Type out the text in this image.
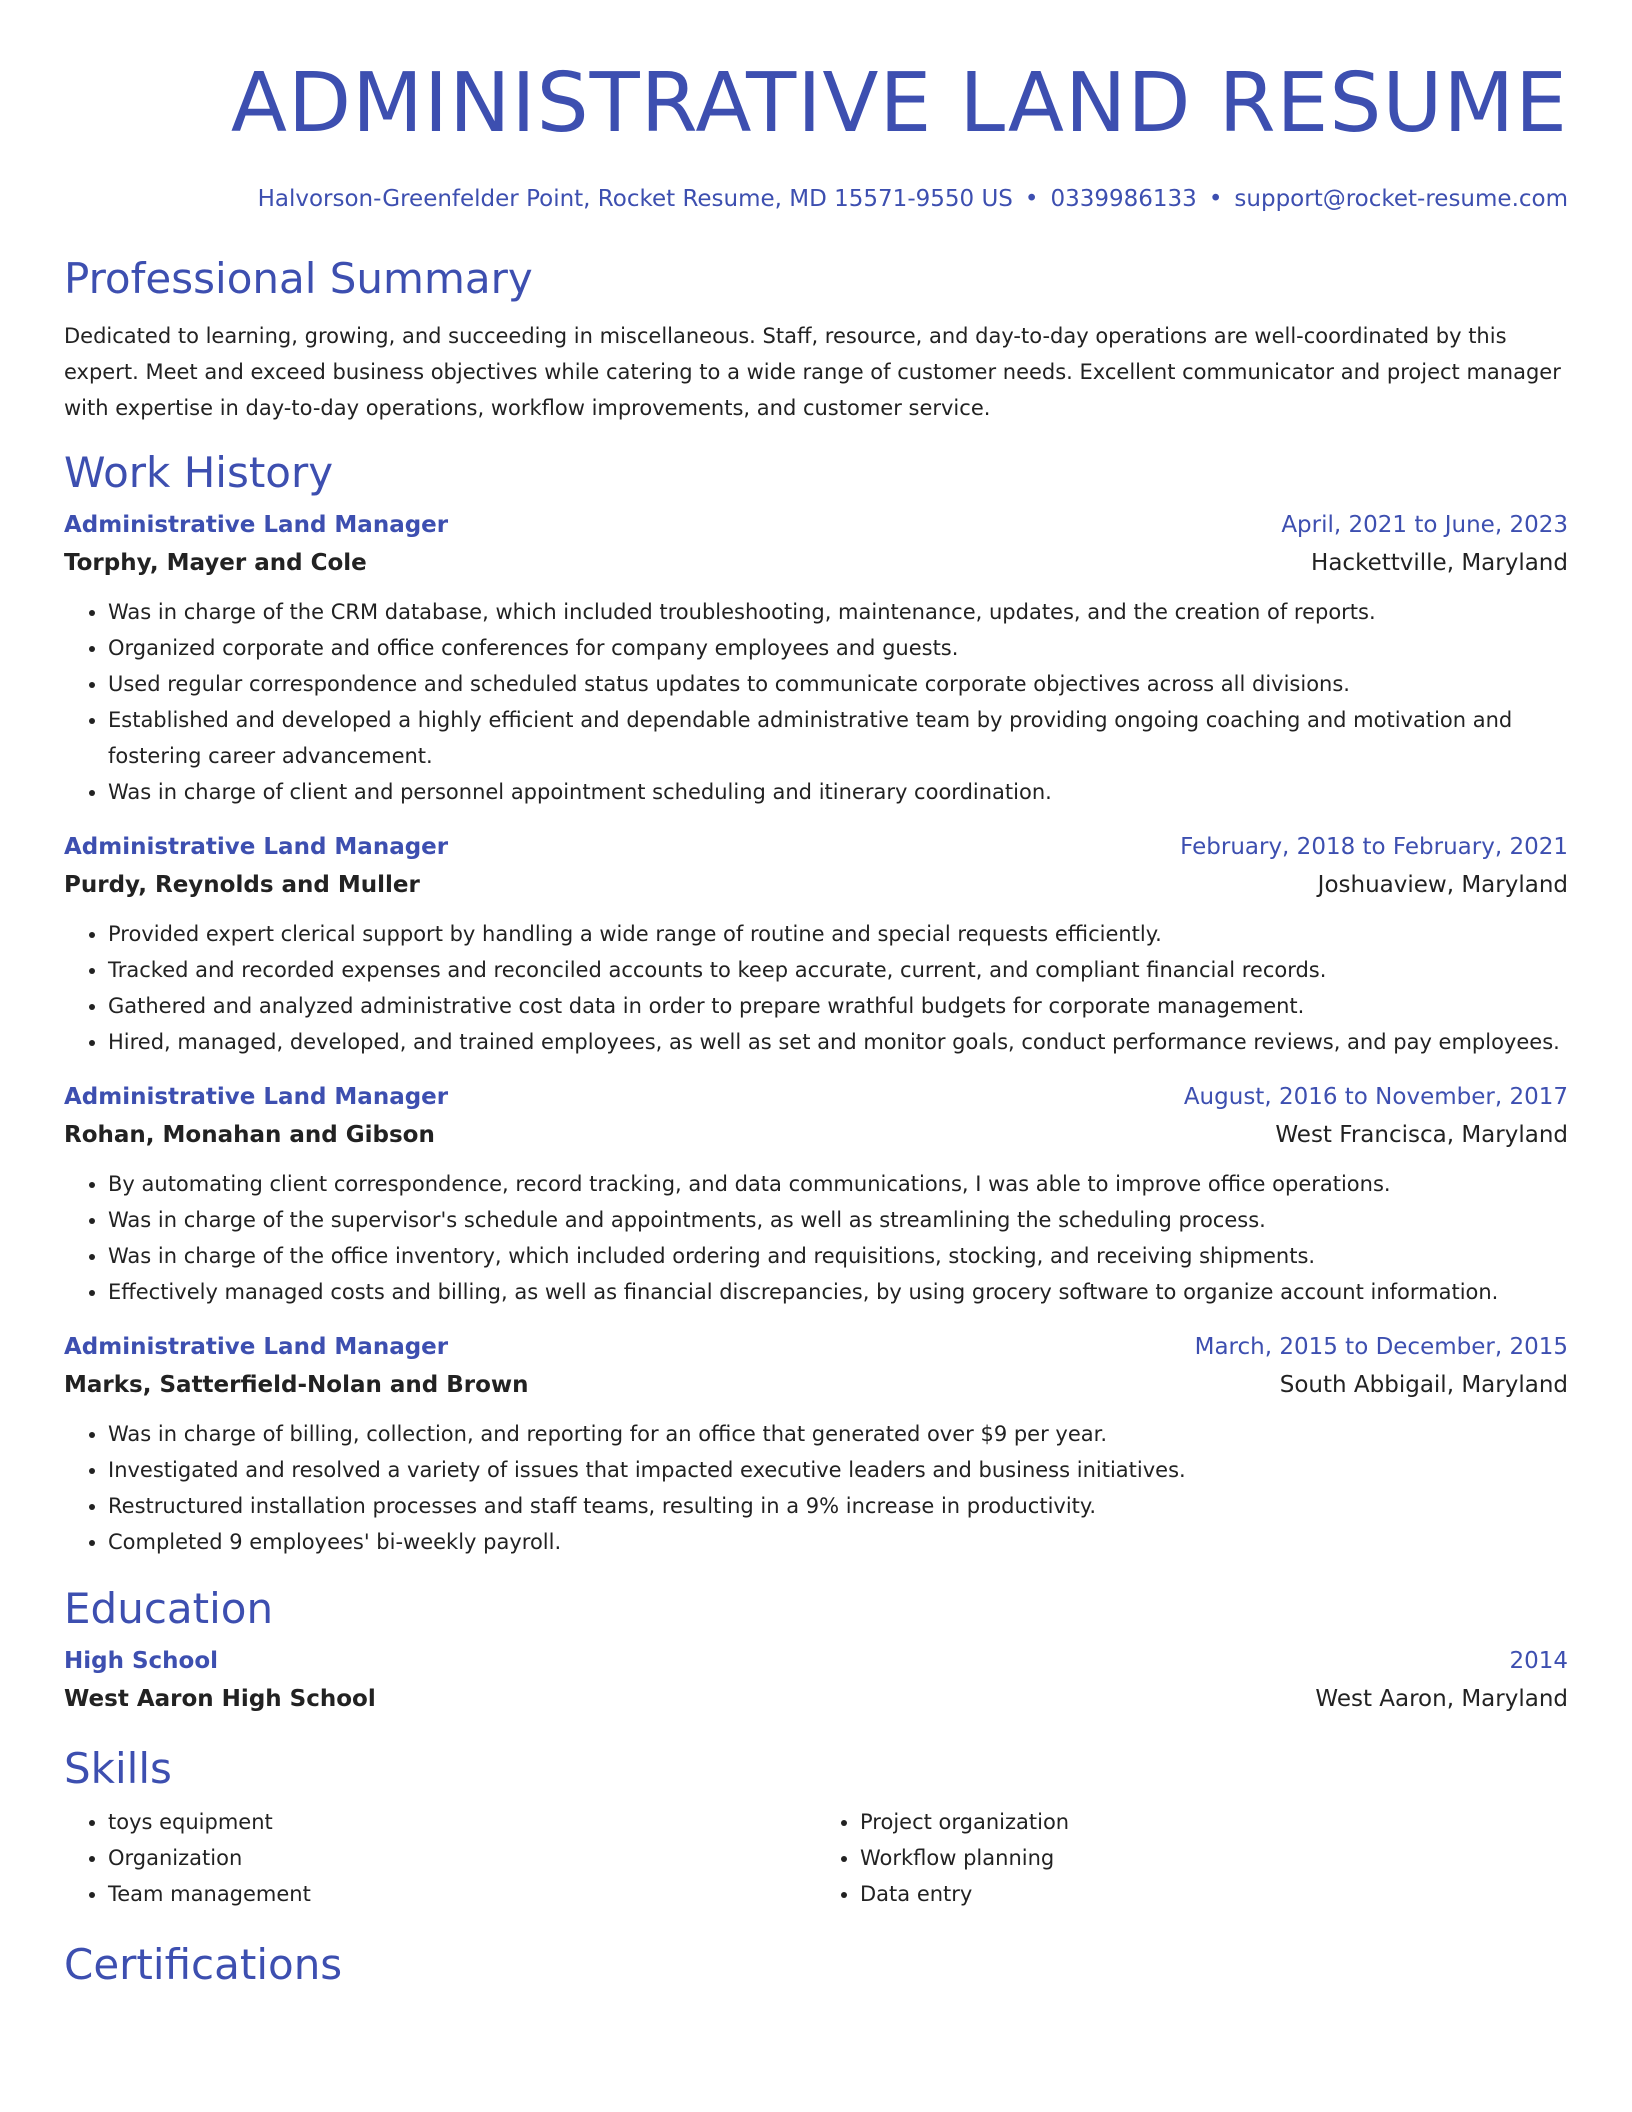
ADMINISTRATIVE LAND RESUME
Halvorson-Greenfelder Point, Rocket Resume, MD 15571-9550 US • 0339986133 • support@rocket-resume.com
Professional Summary
Dedicated to learning, growing, and succeeding in miscellaneous. Staff, resource, and day-to-day operations are well-coordinated by this expert. Meet and exceed business objectives while catering to a wide range of customer needs. Excellent communicator and project manager with expertise in day-to-day operations, workflow improvements, and customer service.
Work History
Administrative Land Manager	April, 2021 to June, 2023
Torphy, Mayer and Cole	Hackettville, Maryland
• Was in charge of the CRM database, which included troubleshooting, maintenance, updates, and the creation of reports.
• Organized corporate and office conferences for company employees and guests.
• Used regular correspondence and scheduled status updates to communicate corporate objectives across all divisions.
• Established and developed a highly efficient and dependable administrative team by providing ongoing coaching and motivation and fostering career advancement.
• Was in charge of client and personnel appointment scheduling and itinerary coordination.
Administrative Land Manager	February, 2018 to February, 2021
Purdy, Reynolds and Muller	Joshuaview, Maryland
• Provided expert clerical support by handling a wide range of routine and special requests efficiently.
• Tracked and recorded expenses and reconciled accounts to keep accurate, current, and compliant financial records.
• Gathered and analyzed administrative cost data in order to prepare wrathful budgets for corporate management.
• Hired, managed, developed, and trained employees, as well as set and monitor goals, conduct performance reviews, and pay employees.
Administrative Land Manager	August, 2016 to November, 2017
Rohan, Monahan and Gibson	West Francisca, Maryland
• By automating client correspondence, record tracking, and data communications, I was able to improve office operations.
• Was in charge of the supervisor's schedule and appointments, as well as streamlining the scheduling process.
• Was in charge of the office inventory, which included ordering and requisitions, stocking, and receiving shipments.
• Effectively managed costs and billing, as well as financial discrepancies, by using grocery software to organize account information.
Administrative Land Manager	March, 2015 to December, 2015
Marks, Satterfield-Nolan and Brown	South Abbigail, Maryland
• Was in charge of billing, collection, and reporting for an office that generated over $9 per year.
• Investigated and resolved a variety of issues that impacted executive leaders and business initiatives.
• Restructured installation processes and staff teams, resulting in a 9% increase in productivity.
• Completed 9 employees' bi-weekly payroll.
Education
High School	2014
West Aaron High School	West Aaron, Maryland
Skills
• toys equipment
• Organization
• Team management
• Project organization
• Workflow planning
• Data entry
Certifications
